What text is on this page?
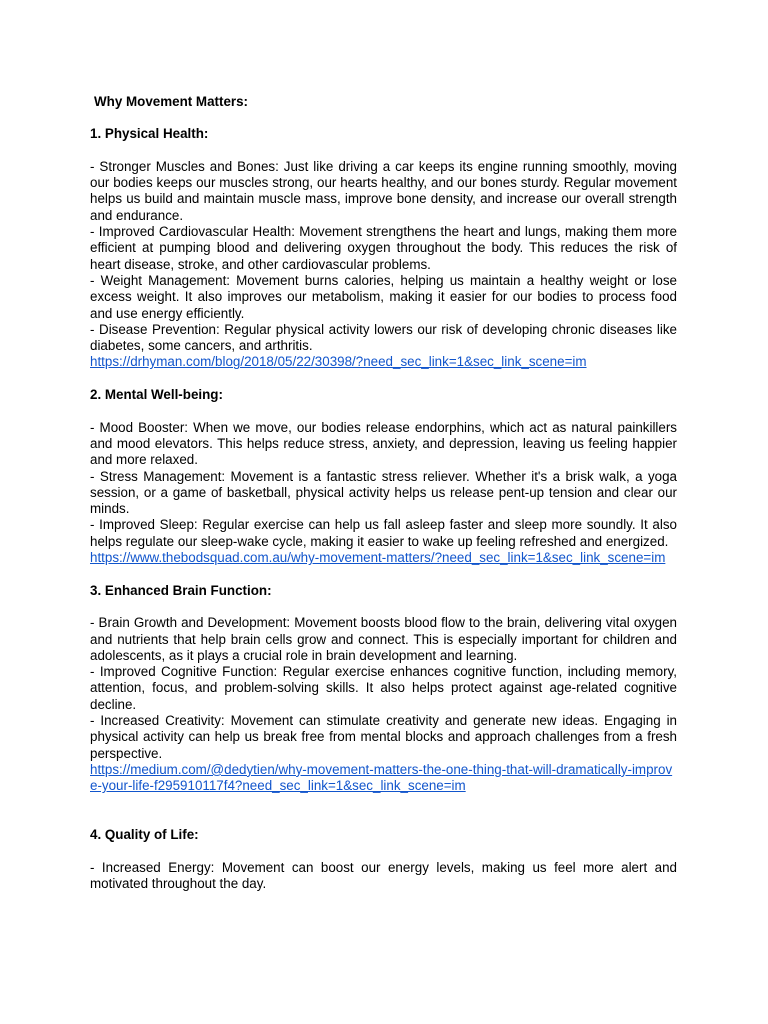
Why Movement Matters:
1. Physical Health:

- Stronger Muscles and Bones: Just like driving a car keeps its engine running smoothly, moving our bodies keeps our muscles strong, our hearts healthy, and our bones sturdy. Regular movement helps us build and maintain muscle mass, improve bone density, and increase our overall strength and endurance.

- Improved Cardiovascular Health: Movement strengthens the heart and lungs, making them more efficient at pumping blood and delivering oxygen throughout the body. This reduces the risk of heart disease, stroke, and other cardiovascular problems.

- Weight Management: Movement burns calories, helping us maintain a healthy weight or lose excess weight. It also improves our metabolism, making it easier for our bodies to process food and use energy efficiently.

- Disease Prevention: Regular physical activity lowers our risk of developing chronic diseases like diabetes, some cancers, and arthritis.

https://drhyman.com/blog/2018/05/22/30398/?need_sec_link=1&sec_link_scene=im
2. Mental Well-being:

- Mood Booster: When we move, our bodies release endorphins, which act as natural painkillers and mood elevators. This helps reduce stress, anxiety, and depression, leaving us feeling happier and more relaxed.

- Stress Management: Movement is a fantastic stress reliever. Whether it's a brisk walk, a yoga session, or a game of basketball, physical activity helps us release pent-up tension and clear our minds.

- Improved Sleep: Regular exercise can help us fall asleep faster and sleep more soundly. It also helps regulate our sleep-wake cycle, making it easier to wake up feeling refreshed and energized.

https://www.thebodsquad.com.au/why-movement-matters/?need_sec_link=1&sec_link_scene=im
3. Enhanced Brain Function:

- Brain Growth and Development: Movement boosts blood flow to the brain, delivering vital oxygen and nutrients that help brain cells grow and connect. This is especially important for children and adolescents, as it plays a crucial role in brain development and learning.

- Improved Cognitive Function: Regular exercise enhances cognitive function, including memory, attention, focus, and problem-solving skills. It also helps protect against age-related cognitive decline.

- Increased Creativity: Movement can stimulate creativity and generate new ideas. Engaging in physical activity can help us break free from mental blocks and approach challenges from a fresh perspective.

https://medium.com/@dedytien/why-movement-matters-the-one-thing-that-will-dramatically-improve-your-life-f295910117f4?need_sec_link=1&sec_link_scene=im
4. Quality of Life:

- Increased Energy: Movement can boost our energy levels, making us feel more alert and motivated throughout the day.
